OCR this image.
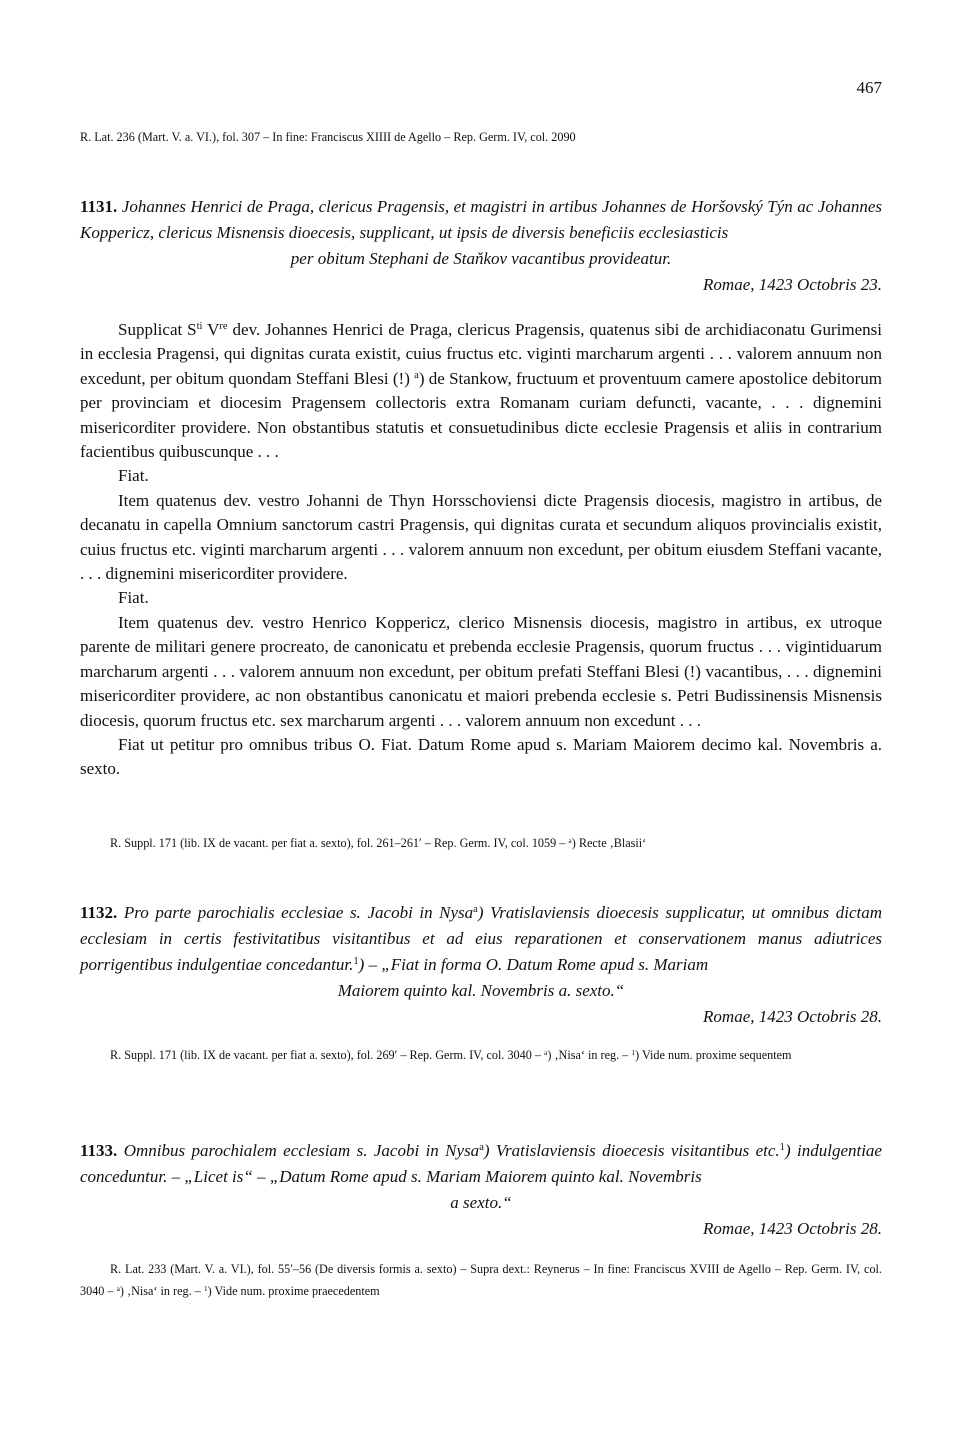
467
R. Lat. 236 (Mart. V. a. VI.), fol. 307 – In fine: Franciscus XIIII de Agello – Rep. Germ. IV, col. 2090
1131. Johannes Henrici de Praga, clericus Pragensis, et magistri in artibus Johannes de Horšovský Týn ac Johannes Koppericz, clericus Misnensis dioecesis, supplicant, ut ipsis de diversis beneficiis ecclesiasticis
per obitum Stephani de Staňkov vacantibus provideatur.
Romae, 1423 Octobris 23.

Supplicat $S^{ti}$ Vre dev. Johannes Henrici de Praga, clericus Pragensis, quatenus sibi de archidiaconatu Gurimensi in ecclesia Pragensi, qui dignitas curata existit, cuius fructus etc. viginti marcharum argenti . . . valorem annuum non excedunt, per obitum quondam Steffani Blesi (!) $^a$) de Stankow, fructuum et proventuum camere apostolice debitorum per provinciam et diocesim Pragensem collectoris extra Romanam curiam defuncti, vacante, . . . dignemini misericorditer providere. Non obstantibus statutis et consuetudinibus dicte ecclesie Pragensis et aliis in contrarium facientibus quibuscunque . . .

Fiat.

Item quatenus dev. vestro Johanni de Thyn Horsschoviensi dicte Pragensis diocesis, magistro in artibus, de decanatu in capella Omnium sanctorum castri Pragensis, qui dignitas curata et secundum aliquos provincialis existit, cuius fructus etc. viginti marcharum argenti . . . valorem annuum non excedunt, per obitum eiusdem Steffani vacante, . . . dignemini misericorditer providere.

Fiat.

Item quatenus dev. vestro Henrico Koppericz, clerico Misnensis diocesis, magistro in artibus, ex utroque parente de militari genere procreato, de canonicatu et prebenda ecclesie Pragensis, quorum fructus . . . vigintiduarum marcharum argenti . . . valorem annuum non excedunt, per obitum prefati Steffani Blesi (!) vacantibus, . . . dignemini misericorditer providere, ac non obstantibus canonicatu et maiori prebenda ecclesie s. Petri Budissinensis Misnensis diocesis, quorum fructus etc. sex marcharum argenti . . . valorem annuum non excedunt . . .

Fiat ut petitur pro omnibus tribus O. Fiat. Datum Rome apud s. Mariam Maiorem decimo kal. Novembris a. sexto.

R. Suppl. 171 (lib. IX de vacant. per fiat a. sexto), fol. 261–261′ – Rep. Germ. IV, col. 1059 – $^a$) Recte ‚Blasii‘
1132. Pro parte parochialis ecclesiae s. Jacobi in Nysa$^a$) Vratislaviensis dioecesis supplicatur, ut omnibus dictam ecclesiam in certis festivitatibus visitantibus et ad eius reparationen et conservationem manus adiutrices porrigentibus indulgentiae concedantur.$^1$) – „Fiat in forma O. Datum Rome apud s. Mariam
Maiorem quinto kal. Novembris a. sexto.“
Romae, 1423 Octobris 28.
R. Suppl. 171 (lib. IX de vacant. per fiat a. sexto), fol. 269′ – Rep. Germ. IV, col. 3040 – $^a$) ‚Nisa‘ in reg. – $^1$) Vide num. proxime sequentem
1133. Omnibus parochialem ecclesiam s. Jacobi in Nysa$^a$) Vratislaviensis dioecesis visitantibus etc.$^1$) indulgentiae conceduntur. – „Licet is“ – „Datum Rome apud s. Mariam Maiorem quinto kal. Novembris
a sexto.“
Romae, 1423 Octobris 28.
R. Lat. 233 (Mart. V. a. VI.), fol. 55′–56 (De diversis formis a. sexto) – Supra dext.: Reynerus – In fine: Franciscus XVIII de Agello – Rep. Germ. IV, col. 3040 – $^a$) ‚Nisa‘ in reg. – $^1$) Vide num. proxime praecedentem
